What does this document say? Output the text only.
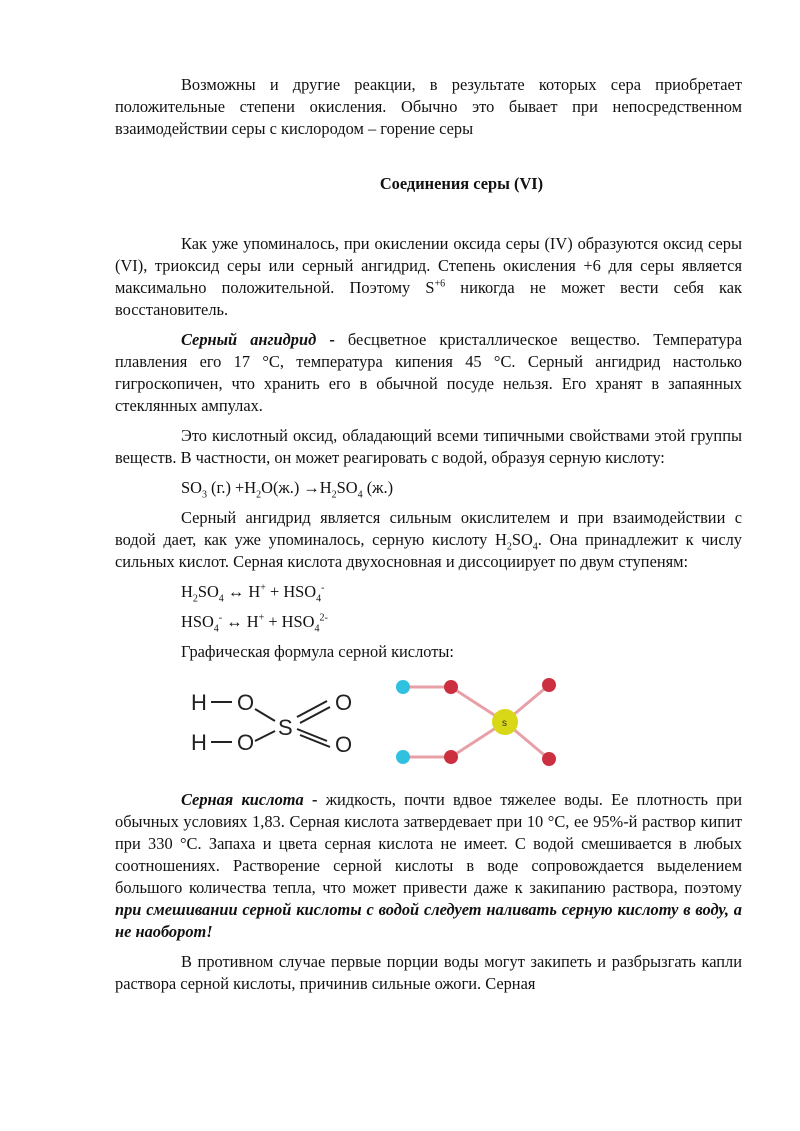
Возможны и другие реакции, в результате которых сера приобретает положительные степени окисления. Обычно это бывает при непосредственном взаимодействии серы с кислородом – горение серы

Соединения серы (VI)

Как уже упоминалось, при окислении оксида серы (IV) образуются оксид серы (VI), триоксид серы или серный ангидрид. Степень окисления +6 для серы является максимально положительной. Поэтому $S^{+6}$ никогда не может вести себя как восстановитель.

Серный ангидрид - бесцветное кристаллическое вещество. Температура плавления его 17 °C, температура кипения 45 °C. Серный ангидрид настолько гигроскопичен, что хранить его в обычной посуде нельзя. Его хранят в запаянных стеклянных ампулах.

Это кислотный оксид, обладающий всеми типичными свойствами этой группы веществ. В частности, он может реагировать с водой, образуя серную кислоту:

$SO_3$ $(г.) +H_2O(ж.) \to H_2SO_4$ (ж.)

Серный ангидрид является сильным окислителем и при взаимодействии с водой дает, как уже упоминалось, серную кислоту $H_2SO_4$. Она принадлежит к числу сильных кислот. Серная кислота двухосновная и диссоциирует по двум ступеням:

$H_2SO_4$ ↔ $H^+ + HSO_4^-$

$HSO_4^-$ ↔ $H^+ + HSO_4^{2-}$

Графическая формула серной кислоты:

H
H
O
O
S
O
O
s

Серная кислота - жидкость, почти вдвое тяжелее воды. Ее плотность при обычных условиях 1,83. Серная кислота затвердевает при 10 °C, ее 95%-й раствор кипит при 330 °C. Запаха и цвета серная кислота не имеет. С водой смешивается в любых соотношениях. Растворение серной кислоты в воде сопровождается выделением большого количества тепла, что может привести даже к закипанию раствора, поэтому при смешивании серной кислоты с водой следует наливать серную кислоту в воду, а не наоборот!

В противном случае первые порции воды могут закипеть и разбрызгать капли раствора серной кислоты, причинив сильные ожоги. Серная
